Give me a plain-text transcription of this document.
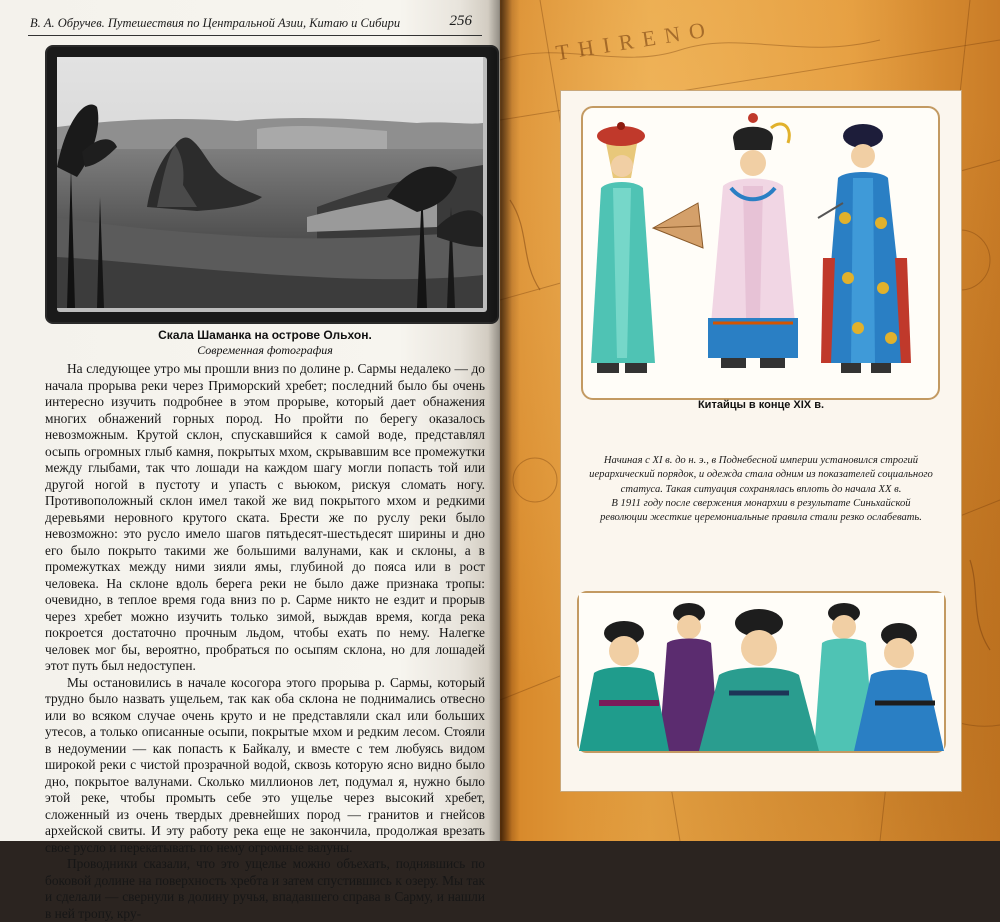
В. А. Обручев. Путешествия по Центральной Азии, Китаю и Сибири	256
Скала Шаманка на острове Ольхон.
Современная фотография

На следующее утро мы прошли вниз по долине р. Сармы недалеко — до начала прорыва реки через Приморский хребет; последний было бы очень интересно изучить подробнее в этом прорыве, который дает обнажения многих обнажений горных пород. Но пройти по берегу оказалось невозможным. Крутой склон, спускавшийся к самой воде, представлял осыпь огромных глыб камня, покрытых мхом, скрывавшим все промежутки между глыбами, так что лошади на каждом шагу могли попасть той или другой ногой в пустоту и упасть с вьюком, рискуя сломать ногу. Противоположный склон имел такой же вид покрытого мхом и редкими деревьями неровного крутого ската. Брести же по руслу реки было невозможно: это русло имело шагов пятьдесят-шестьдесят ширины и дно его было покрыто такими же большими валунами, как и склоны, а в промежутках между ними зияли ямы, глубиной до пояса или в рост человека. На склоне вдоль берега реки не было даже признака тропы: очевидно, в теплое время года вниз по р. Сарме никто не ездит и прорыв через хребет можно изучить только зимой, выждав время, когда река покроется достаточно прочным льдом, чтобы ехать по нему. Налегке человек мог бы, вероятно, пробраться по осыпям склона, но для лошадей этот путь был недоступен.

Мы остановились в начале косогора этого прорыва р. Сармы, который трудно было назвать ущельем, так как оба склона не поднимались отвесно или во всяком случае очень круто и не представляли скал или больших утесов, а только описанные осыпи, покрытые мхом и редким лесом. Стояли в недоумении — как попасть к Байкалу, и вместе с тем любуясь видом широкой реки с чистой прозрачной водой, сквозь которую ясно видно было дно, покрытое валунами. Сколько миллионов лет, подумал я, нужно было этой реке, чтобы промыть себе это ущелье через высокий хребет, сложенный из очень твердых древнейших пород — гранитов и гнейсов архейской свиты. И эту работу река еще не закончила, продолжая врезать свое русло и перекатывать по нему огромные валуны.

Проводники сказали, что это ущелье можно объехать, поднявшись по боковой долине на поверхность хребта и затем спустившись к озеру. Мы так и сделали — свернули в долину ручья, впадавшего справа в Сарму, и нашли в ней тропу, кру-

THIRENO
Китайцы в конце XIX в.
Начиная с XI в. до н. э., в Поднебесной империи установился строгий
иерархический порядок, и одежда стала одним из показателей социального
статуса. Такая ситуация сохранялась вплоть до начала XX в.
В 1911 году после свержения монархии в результате Синьхайской
революции жесткие церемониальные правила стали резко ослабевать.
